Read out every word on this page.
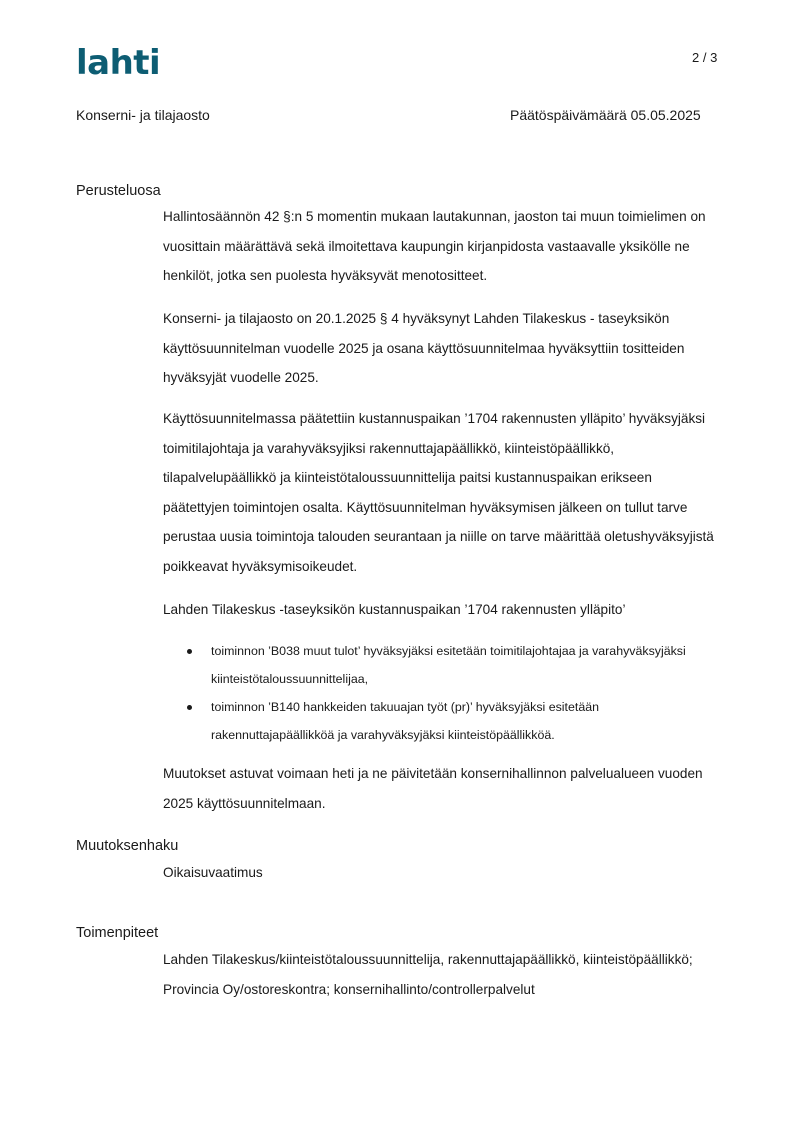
lahti	2 / 3
Konserni- ja tilajaosto	Päätöspäivämäärä 05.05.2025
Perusteluosa

Hallintosäännön 42 §:n 5 momentin mukaan lautakunnan, jaoston tai muun toimielimen on vuosittain määrättävä sekä ilmoitettava kaupungin kirjanpidosta vastaavalle yksikölle ne henkilöt, jotka sen puolesta hyväksyvät menotositteet.

Konserni- ja tilajaosto on 20.1.2025 § 4 hyväksynyt Lahden Tilakeskus - taseyksikön käyttösuunnitelman vuodelle 2025 ja osana käyttösuunnitelmaa hyväksyttiin tositteiden hyväksyjät vuodelle 2025.

Käyttösuunnitelmassa päätettiin kustannuspaikan ’1704 rakennusten ylläpito’ hyväksyjäksi toimitilajohtaja ja varahyväksyjiksi rakennuttajapäällikkö, kiinteistöpäällikkö, tilapalvelupäällikkö ja kiinteistötaloussuunnittelija paitsi kustannuspaikan erikseen päätettyjen toimintojen osalta. Käyttösuunnitelman hyväksymisen jälkeen on tullut tarve perustaa uusia toimintoja talouden seurantaan ja niille on tarve määrittää oletushyväksyjistä poikkeavat hyväksymisoikeudet.

Lahden Tilakeskus -taseyksikön kustannuspaikan ’1704 rakennusten ylläpito’

toiminnon ’B038 muut tulot’ hyväksyjäksi esitetään toimitilajohtajaa ja varahyväksyjäksi kiinteistötaloussuunnittelijaa,
toiminnon ’B140 hankkeiden takuuajan työt (pr)’ hyväksyjäksi esitetään rakennuttajapäällikköä ja varahyväksyjäksi kiinteistöpäällikköä.

Muutokset astuvat voimaan heti ja ne päivitetään konsernihallinnon palvelualueen vuoden 2025 käyttösuunnitelmaan.

Muutoksenhaku

Oikaisuvaatimus

Toimenpiteet

Lahden Tilakeskus/kiinteistötaloussuunnittelija, rakennuttajapäällikkö, kiinteistöpäällikkö; Provincia Oy/ostoreskontra; konsernihallinto/controllerpalvelut
